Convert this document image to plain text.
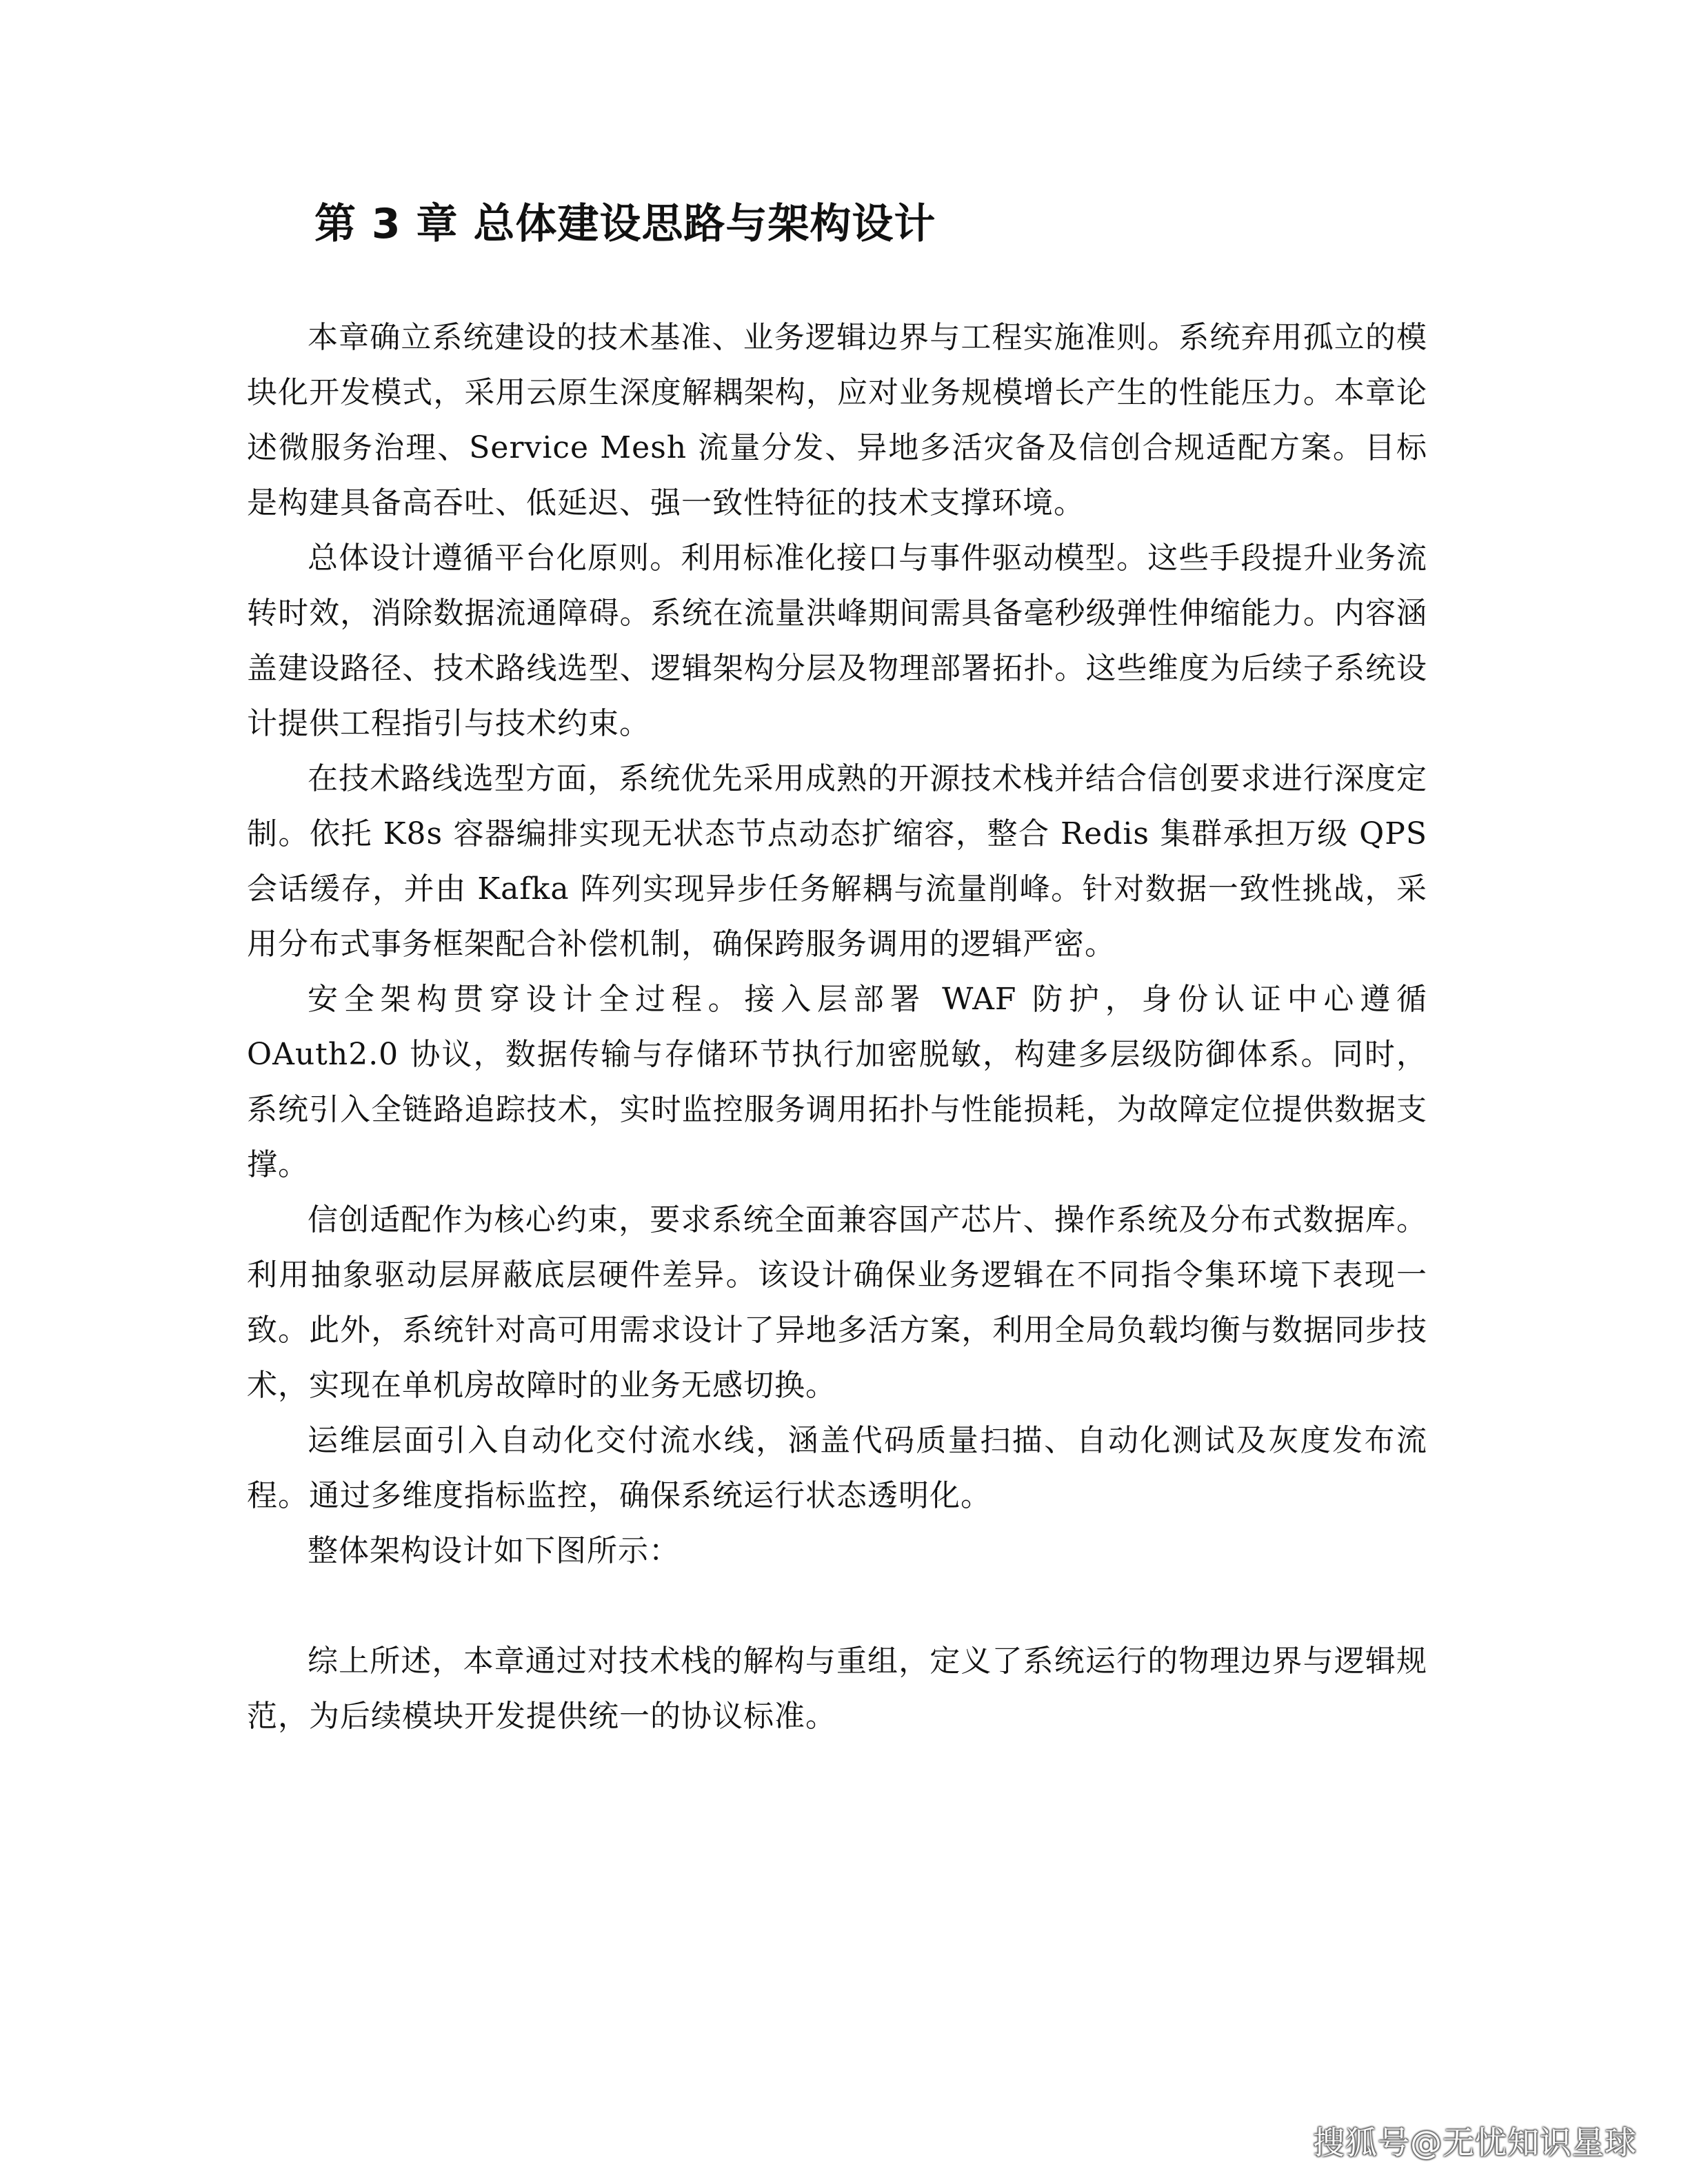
第 3 章 总体建设思路与架构设计

本章确立系统建设的技术基准、业务逻辑边界与工程实施准则。系统弃用孤立的模块化开发模式，采用云原生深度解耦架构，应对业务规模增长产生的性能压力。本章论述微服务治理、Service Mesh 流量分发、异地多活灾备及信创合规适配方案。目标是构建具备高吞吐、低延迟、强一致性特征的技术支撑环境。

总体设计遵循平台化原则。利用标准化接口与事件驱动模型。这些手段提升业务流转时效，消除数据流通障碍。系统在流量洪峰期间需具备毫秒级弹性伸缩能力。内容涵盖建设路径、技术路线选型、逻辑架构分层及物理部署拓扑。这些维度为后续子系统设计提供工程指引与技术约束。

在技术路线选型方面，系统优先采用成熟的开源技术栈并结合信创要求进行深度定制。依托 K8s 容器编排实现无状态节点动态扩缩容，整合 Redis 集群承担万级 QPS 会话缓存，并由 Kafka 阵列实现异步任务解耦与流量削峰。针对数据一致性挑战，采用分布式事务框架配合补偿机制，确保跨服务调用的逻辑严密。

安全架构贯穿设计全过程。接入层部署 WAF 防护，身份认证中心遵循 OAuth2.0 协议，数据传输与存储环节执行加密脱敏，构建多层级防御体系。同时，系统引入全链路追踪技术，实时监控服务调用拓扑与性能损耗，为故障定位提供数据支撑。

信创适配作为核心约束，要求系统全面兼容国产芯片、操作系统及分布式数据库。利用抽象驱动层屏蔽底层硬件差异。该设计确保业务逻辑在不同指令集环境下表现一致。此外，系统针对高可用需求设计了异地多活方案，利用全局负载均衡与数据同步技术，实现在单机房故障时的业务无感切换。

运维层面引入自动化交付流水线，涵盖代码质量扫描、自动化测试及灰度发布流程。通过多维度指标监控，确保系统运行状态透明化。

整体架构设计如下图所示：

综上所述，本章通过对技术栈的解构与重组，定义了系统运行的物理边界与逻辑规范，为后续模块开发提供统一的协议标准。

搜狐号@无忧知识星球
